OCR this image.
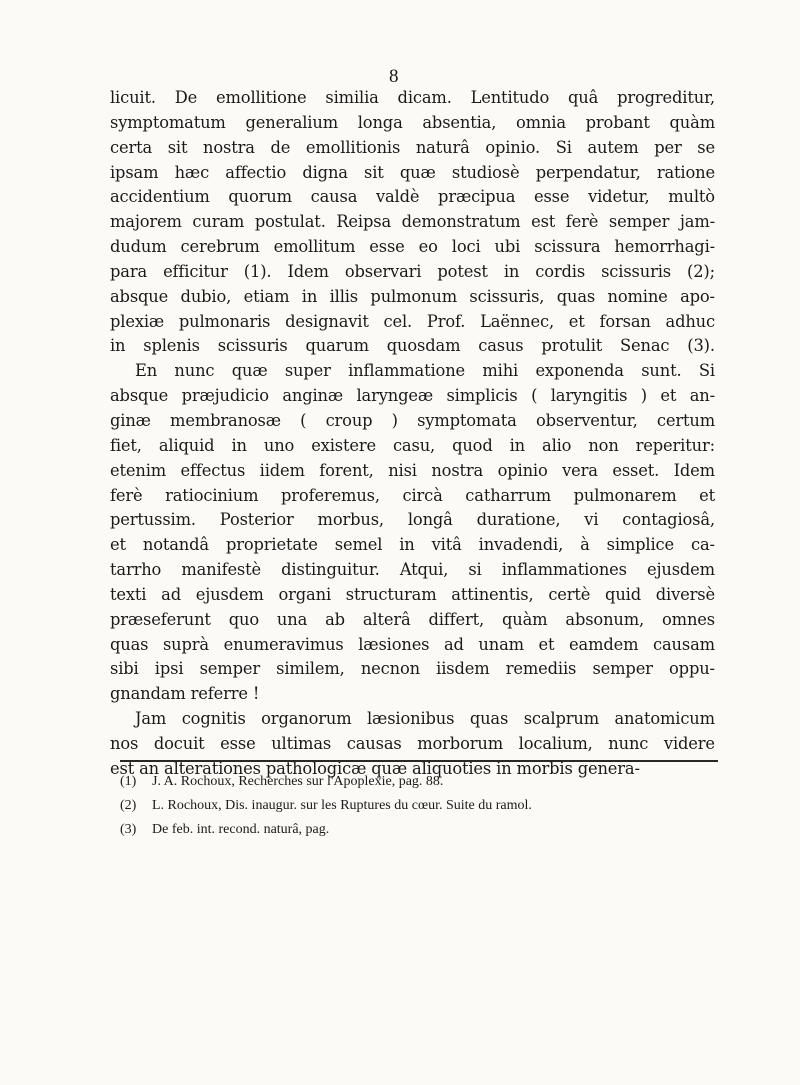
8
licuit. De emollitione similia dicam. Lentitudo quâ progreditur,
symptomatum generalium longa absentia, omnia probant quàm
certa sit nostra de emollitionis naturâ opinio. Si autem per se
ipsam hæc affectio digna sit quæ studiosè perpendatur, ratione
accidentium quorum causa valdè præcipua esse videtur, multò
majorem curam postulat. Reipsa demonstratum est ferè semper jam-
dudum cerebrum emollitum esse eo loci ubi scissura hemorrhagi-
para efficitur (1). Idem observari potest in cordis scissuris (2);
absque dubio, etiam in illis pulmonum scissuris, quas nomine apo-
plexiæ pulmonaris designavit cel. Prof. Laënnec, et forsan adhuc
in splenis scissuris quarum quosdam casus protulit Senac (3).
En nunc quæ super inflammatione mihi exponenda sunt. Si
absque præjudicio anginæ laryngeæ simplicis ( laryngitis ) et an-
ginæ membranosæ ( croup ) symptomata observentur, certum
fiet, aliquid in uno existere casu, quod in alio non reperitur:
etenim effectus iidem forent, nisi nostra opinio vera esset. Idem
ferè ratiocinium proferemus, circà catharrum pulmonarem et
pertussim. Posterior morbus, longâ duratione, vi contagiosâ,
et notandâ proprietate semel in vitâ invadendi, à simplice ca-
tarrho manifestè distinguitur. Atqui, si inflammationes ejusdem
texti ad ejusdem organi structuram attinentis, certè quid diversè
præseferunt quo una ab alterâ differt, quàm absonum, omnes
quas suprà enumeravimus læsiones ad unam et eamdem causam
sibi ipsi semper similem, necnon iisdem remediis semper oppu-
gnandam referre !
Jam cognitis organorum læsionibus quas scalprum anatomicum
nos docuit esse ultimas causas morborum localium, nunc videre
est an alterationes pathologicæ quæ aliquoties in morbis genera-
(1) J. A. Rochoux, Recherches sur l'Apoplexie, pag. 88.
(2) L. Rochoux, Dis. inaugur. sur les Ruptures du cœur. Suite du ramol.
(3) De feb. int. recond. naturâ, pag.
